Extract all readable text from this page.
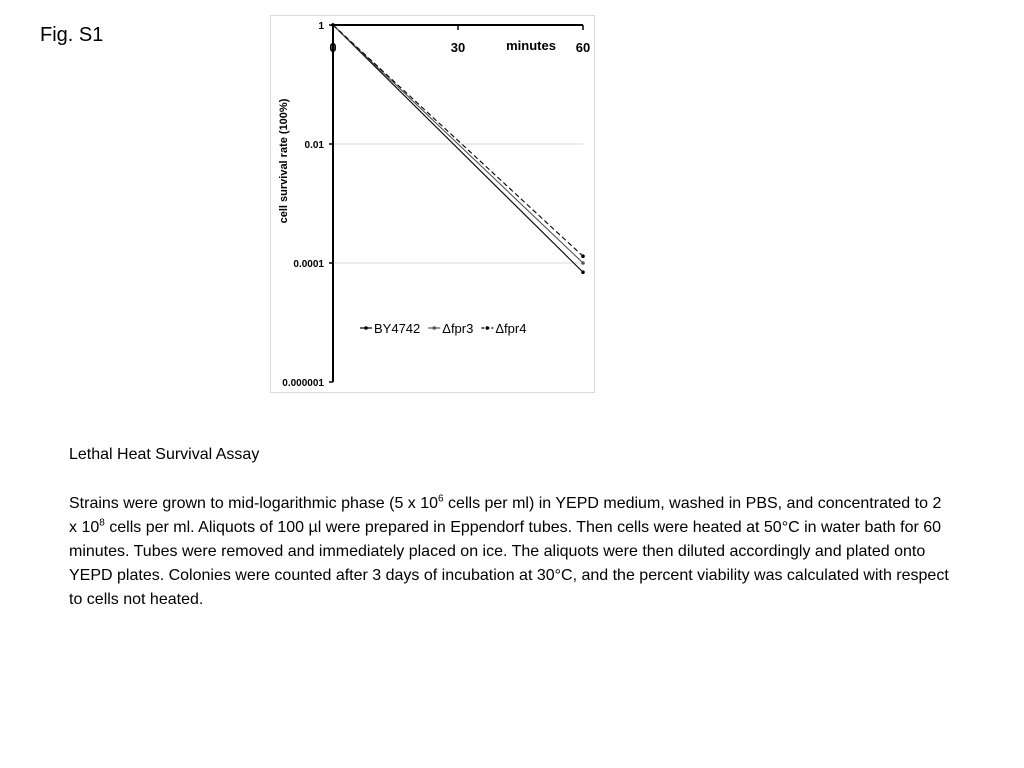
Fig. S1	1
0.01
0.0001
0.000001
0	30	60
minutes
cell survival rate (100%)
BY4742 Δfpr3 Δfpr4
Lethal Heat Survival Assay
Strains were grown to mid-logarithmic phase (5 x $10^6$ cells per ml) in YEPD medium, washed in PBS, and concentrated to 2 x $10^8$ cells per ml. Aliquots of 100 µl were prepared in Eppendorf tubes. Then cells were heated at 50°C in water bath for 60 minutes. Tubes were removed and immediately placed on ice. The aliquots were then diluted accordingly and plated onto YEPD plates. Colonies were counted after 3 days of incubation at 30°C, and the percent viability was calculated with respect to cells not heated.
